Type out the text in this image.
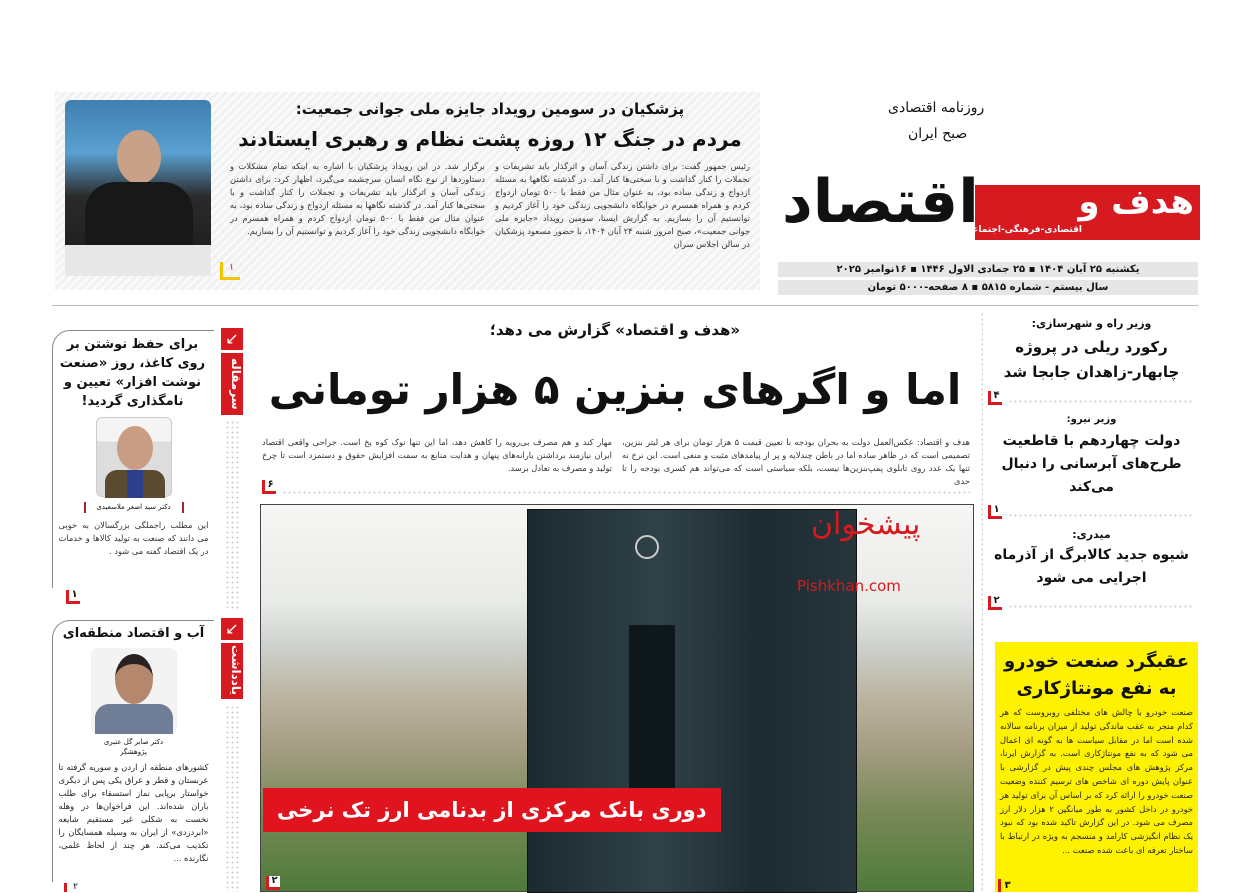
۱
پزشکیان در سومین رویداد جایزه ملی جوانی جمعیت:
مردم در جنگ ۱۲ روزه پشت نظام و رهبری ایستادند
رئیس جمهور گفت: برای داشتن زندگی آسان و اثرگذار باید تشریفات و تجملات را کنار گذاشت و با سختی‌ها کنار آمد. در گذشته نگاهها به مسئله ازدواج و زندگی ساده بود، به عنوان مثال من فقط با ۵۰۰ تومان ازدواج کردم و همراه همسرم در خوابگاه دانشجویی زندگی خود را آغاز کردیم و توانستیم آن را بسازیم. به گزارش ایسنا، سومین رویداد «جایزه ملی جوانی جمعیت»، صبح امروز شنبه ۲۴ آبان ۱۴۰۴، با حضور مسعود پزشکیان در سالن اجلاس سران
برگزار شد. در این رویداد پزشکیان با اشاره به اینکه تمام مشکلات و دستاوردها از نوع نگاه انسان سرچشمه می‌گیرد، اظهار کرد: برای داشتن زندگی آسان و اثرگذار باید تشریفات و تجملات را کنار گذاشت و با سختی‌ها کنار آمد. در گذشته نگاهها به مسئله ازدواج و زندگی ساده بود، به عنوان مثال من فقط با ۵۰۰ تومان ازدواج کردم و همراه همسرم در خوابگاه دانشجویی زندگی خود را آغاز کردیم و توانستیم آن را بسازیم.
روزنامه اقتصادی
صبح ایران
اقتصاد	هدف و
اقتصادی-فرهنگی-اجتماعی
یکشنبه ۲۵ آبان ۱۴۰۴ ▪ ۲۵ جمادی الاول ۱۴۴۶ ▪ ۱۶نوامبر ۲۰۲۵
سال بیستم - شماره ۵۸۱۵ ▪ ۸ صفحه-۵۰۰۰ تومان
«هدف و اقتصاد» گزارش می دهد؛
اما و اگرهای بنزین ۵ هزار تومانی
هدف و اقتصاد: عکس‌العمل دولت به بحران بودجه با تعیین قیمت ۵ هزار تومان برای هر لیتر بنزین، تصمیمی است که در ظاهر ساده اما در باطن چندلایه و پر از پیامدهای مثبت و منفی است. این نرخ نه تنها یک عدد روی تابلوی پمپ‌بنزین‌ها نیست، بلکه سیاستی است که می‌تواند هم کسری بودجه را تا حدی
مهار کند و هم مصرف بی‌رویه را کاهش دهد، اما این تنها نوک کوه یخ است. جراحی واقعی اقتصاد ایران نیازمند برداشتن یارانه‌های پنهان و هدایت منابع به سمت افزایش حقوق و دستمزد است تا چرخ تولید و مصرف به تعادل برسد.
۶
پیشخوان
Pishkhan.com
دوری بانک مرکزی از بدنامی ارز تک نرخی
۲
وزیر راه و شهرسازی:
رکورد ریلی در پروژه چابهار-زاهدان جابجا شد
۴
وزیر نیرو:
دولت چهاردهم با قاطعیت طرح‌های آبرسانی را دنبال می‌کند
۱
میدری:
شیوه جدید کالابرگ از آذرماه اجرایی می شود
۲
عقبگرد صنعت خودرو به نفع مونتاژکاری
صنعت خودرو با چالش های مختلفی روبروست که هر کدام منجر به عقب ماندگی تولید از میزان برنامه سالانه شده است اما در مقابل سیاست ها به گونه ای اعمال می شود که به نفع مونتاژکاری است. به گزارش ایرنا، مرکز پژوهش های مجلس چندی پیش در گزارشی با عنوان پایش دوره ای شاخص های ترسیم کننده وضعیت صنعت خودرو را ارائه کرد که بر اساس آن برای تولید هر خودرو در داخل کشور به طور میانگین ۲ هزار دلار ارز مصرف می شود. در این گزارش تاکید شده بود که نبود یک نظام انگیزشی کارامد و منسجم به ویژه در ارتباط با ساختار تعرفه ای باعث شده صنعت ...
۳
↙
سرمقاله
برای حفظ نوشتن بر روی کاغذ، روز «صنعت نوشت افزار» تعیین و نامگذاری گردید!
دکتر سید اصغر ملاسعیدی
این مطلب راجملگی بزرگسالان به خوبی می دانند که صنعت به تولید کالاها و خدمات در یک اقتصاد گفته می شود .
۱
↙
یادداشت
آب و اقتصاد منطقه‌ای
دکتر صابر گل عنبری
پژوهشگر
کشورهای منطقه از اردن و سوریه گرفته تا عربستان و قطر و عراق یکی پس از دیگری خواستار برپایی نماز استسقاء برای طلب باران شده‌اند. این فراخوان‌ها در وهله نخست به شکلی غیر مستقیم شایعه «ابردزدی» از ایران به وسیله همسایگان را تکذیب می‌کند. هر چند از لحاظ علمی، نگارنده ...
۲
